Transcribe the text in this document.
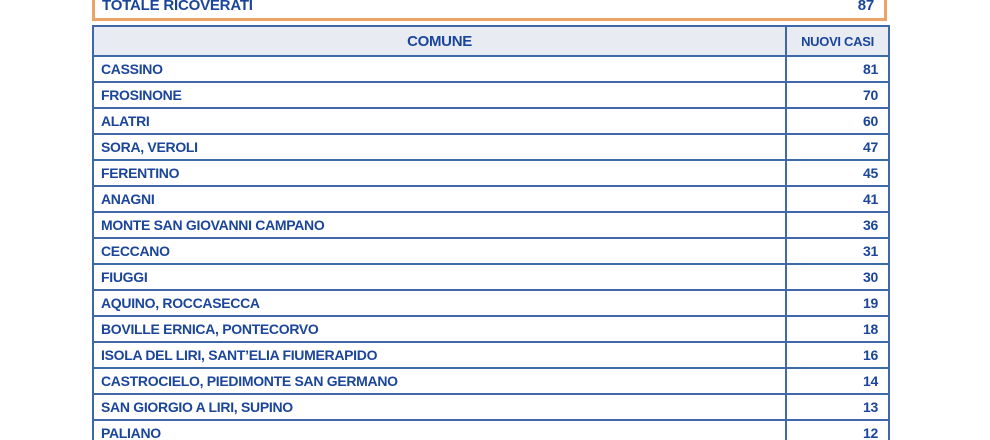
TOTALE RICOVERATI	87
COMUNE	NUOVI CASI
CASSINO	81
FROSINONE	70
ALATRI	60
SORA, VEROLI	47
FERENTINO	45
ANAGNI	41
MONTE SAN GIOVANNI CAMPANO	36
CECCANO	31
FIUGGI	30
AQUINO, ROCCASECCA	19
BOVILLE ERNICA, PONTECORVO	18
ISOLA DEL LIRI, SANT’ELIA FIUMERAPIDO	16
CASTROCIELO, PIEDIMONTE SAN GERMANO	14
SAN GIORGIO A LIRI, SUPINO	13
PALIANO	12
